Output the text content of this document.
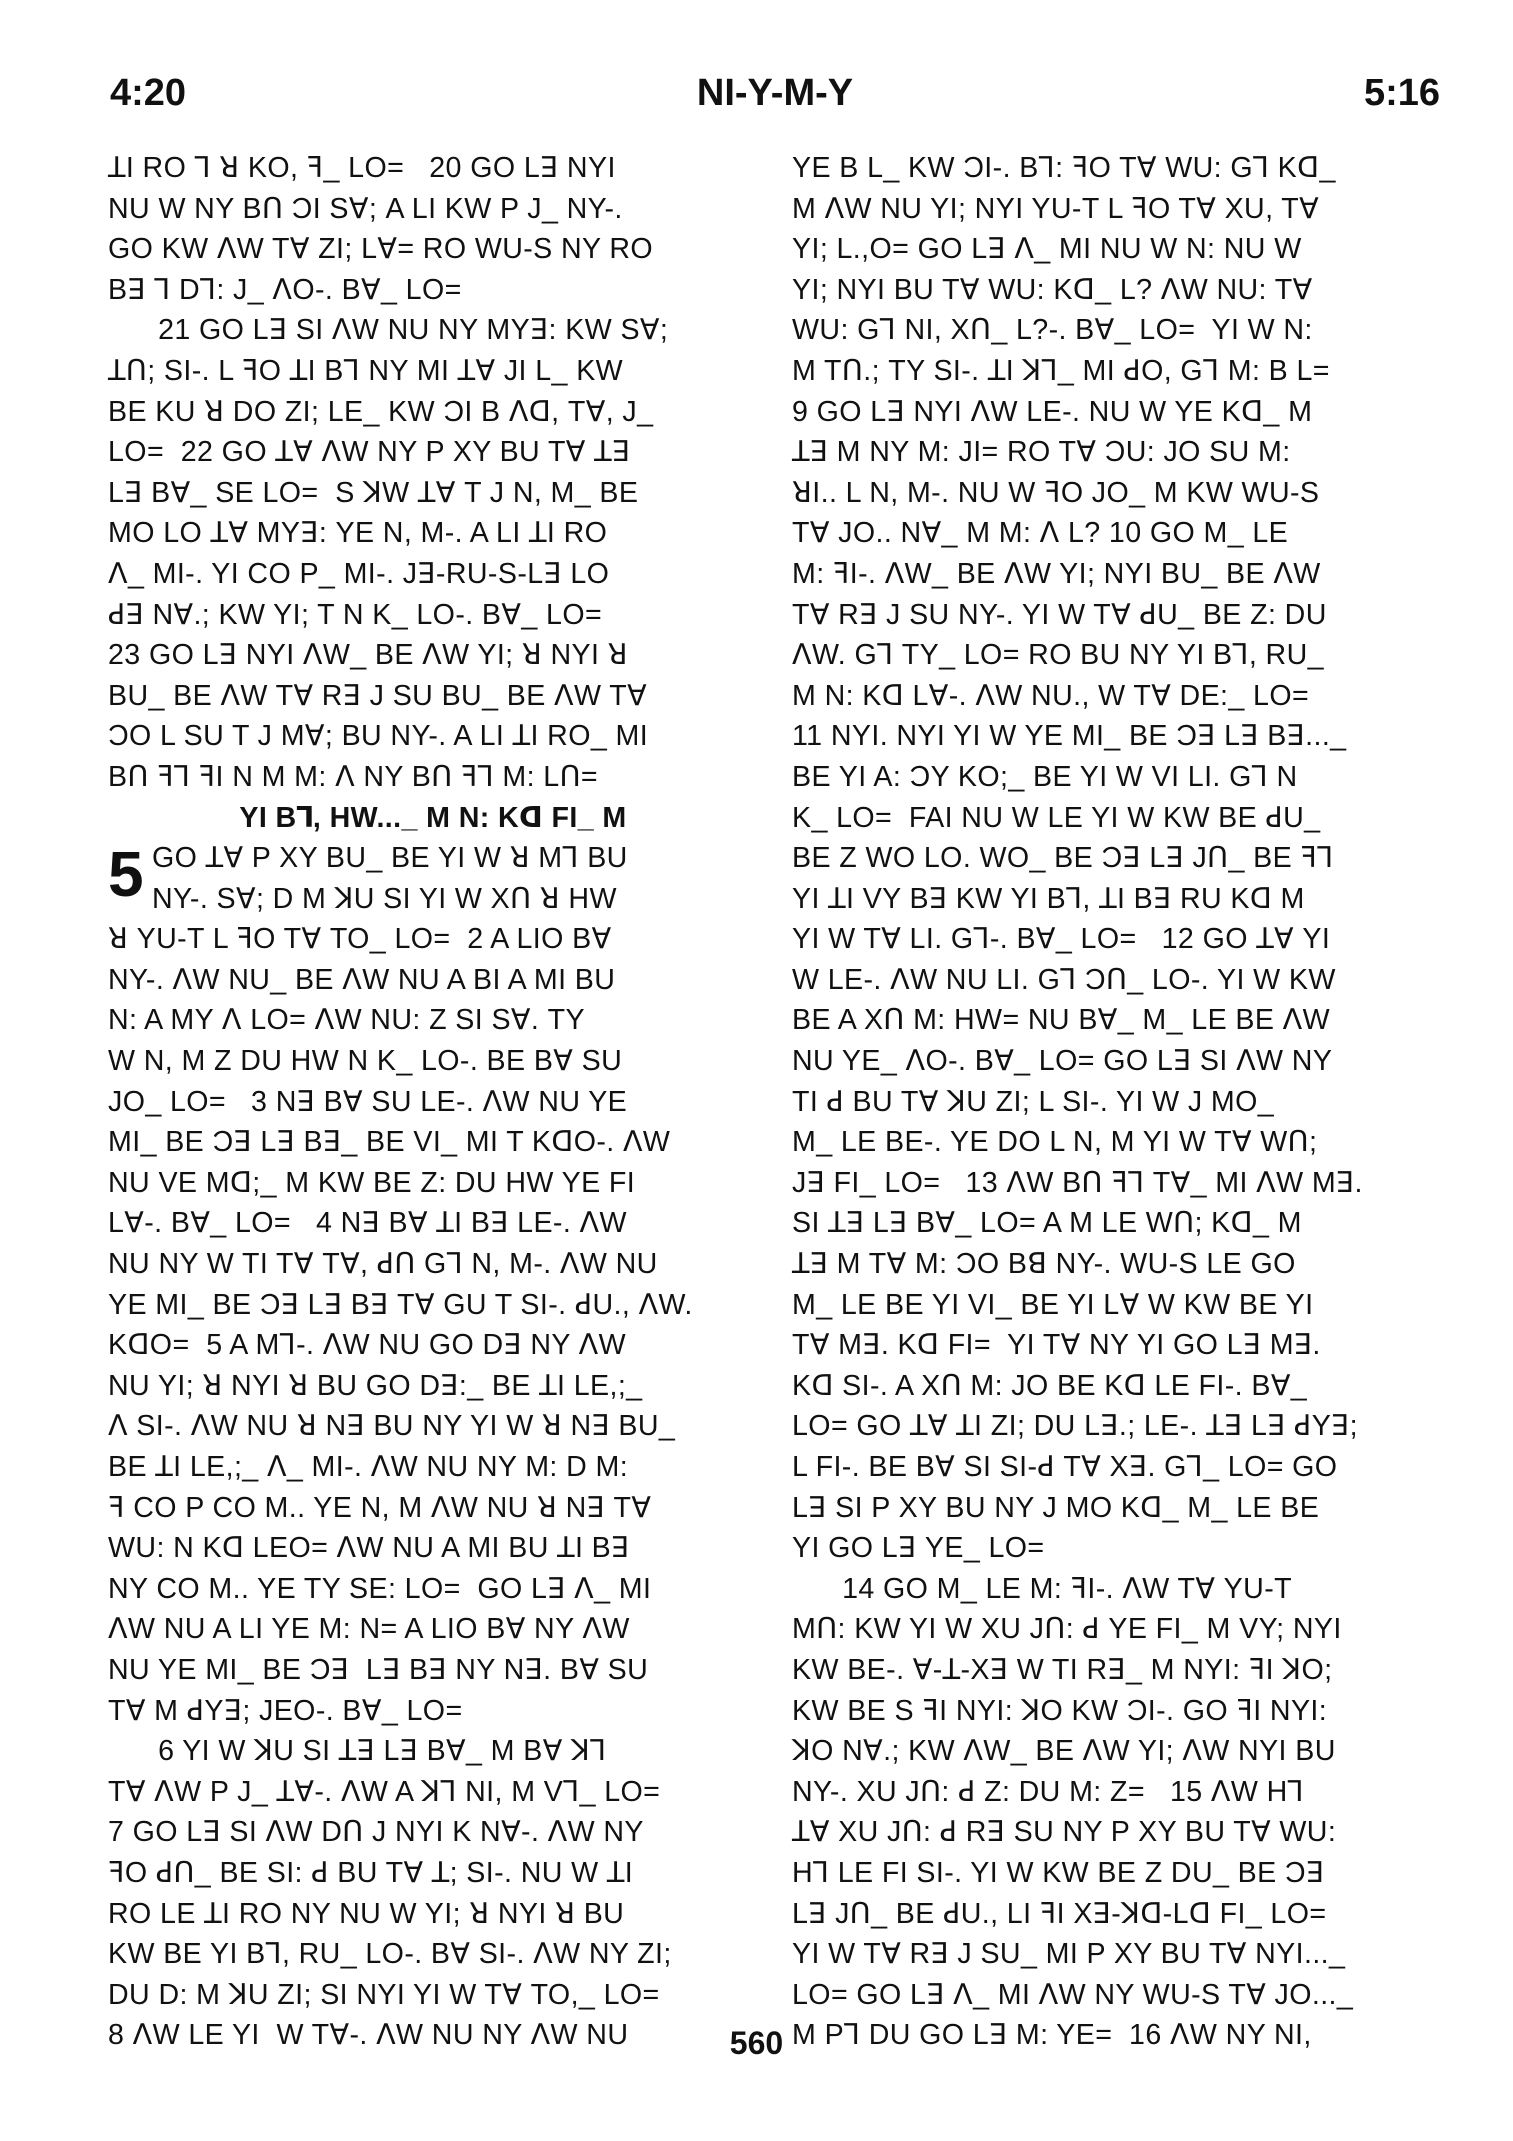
4:20	NI-Y-M-Y	5:16

ꓕI RO ꓶ ꓤ KO, ꟻ_ LO=   20 GO Lꓱ NYI

NU W NY Bꓵ ƆI Sꓯ; A LI KW P J_ NY-.

GO KW ꓥW Tꓯ ZI; Lꓯ= RO WU-S NY RO

Bꓱ ꓶ Dꓶ: J_ ꓥO-. Bꓯ_ LO=

21 GO Lꓱ SI ꓥW NU NY MYꓱ: KW Sꓯ;

ꓕꓵ; SI-. L ꟻO ꓕI Bꓶ NY MI ꓕꓯ JI L_ KW

BE KU ꓤ DO ZI; LE_ KW ƆI B ꓥꓷ, Tꓯ, J_

LO=  22 GO ꓕꓯ ꓥW NY P XY BU Tꓯ ꓕꓱ

Lꓱ Bꓯ_ SE LO=  S ꓘW ꓕꓯ T J N, M_ BE

MO LO ꓕꓯ MYꓱ: YE N, M-. A LI ꓕI RO

ꓥ_ MI-. YI CO P_ MI-. Jꓱ-RU-S-Lꓱ LO

ꓒꓱ Nꓯ.; KW YI; T N K_ LO-. Bꓯ_ LO=

23 GO Lꓱ NYI ꓥW_ BE ꓥW YI; ꓤ NYI ꓤ

BU_ BE ꓥW Tꓯ Rꓱ J SU BU_ BE ꓥW Tꓯ

ƆO L SU T J Mꓯ; BU NY-. A LI ꓕI RO_ MI

Bꓵ ꟻꓶ ꟻI N M M: ꓥ NY Bꓵ ꟻꓶ M: Lꓵ=

YI Bꓶ, HW..._ M N: Kꓷ FI_ M

5 GO ꓕꓯ P XY BU_ BE YI W ꓤ Mꓶ BU

NY-. Sꓯ; D M ꓘU SI YI W Xꓵ ꓤ HW

ꓤ YU-T L ꟻO Tꓯ TO_ LO=  2 A LIO Bꓯ

NY-. ꓥW NU_ BE ꓥW NU A BI A MI BU

N: A MY ꓥ LO= ꓥW NU: Z SI Sꓯ. TY

W N, M Z DU HW N K_ LO-. BE Bꓯ SU

JO_ LO=   3 Nꓱ Bꓯ SU LE-. ꓥW NU YE

MI_ BE Ɔꓱ Lꓱ Bꓱ_ BE VI_ MI T KꓷO-. ꓥW

NU VE Mꓷ;_ M KW BE Z: DU HW YE FI

Lꓯ-. Bꓯ_ LO=   4 Nꓱ Bꓯ ꓕI Bꓱ LE-. ꓥW

NU NY W TI Tꓯ Tꓯ, ꓒꓵ Gꓶ N, M-. ꓥW NU

YE MI_ BE Ɔꓱ Lꓱ Bꓱ Tꓯ GU T SI-. ꓒU., ꓥW.

KꓷO=  5 A Mꓶ-. ꓥW NU GO Dꓱ NY ꓥW

NU YI; ꓤ NYI ꓤ BU GO Dꓱ:_ BE ꓕI LE,;_

ꓥ SI-. ꓥW NU ꓤ Nꓱ BU NY YI W ꓤ Nꓱ BU_

BE ꓕI LE,;_ ꓥ_ MI-. ꓥW NU NY M: D M:

ꟻ CO P CO M.. YE N, M ꓥW NU ꓤ Nꓱ Tꓯ

WU: N Kꓷ LEO= ꓥW NU A MI BU ꓕI Bꓱ

NY CO M.. YE TY SE: LO=  GO Lꓱ ꓥ_ MI

ꓥW NU A LI YE M: N= A LIO Bꓯ NY ꓥW

NU YE MI_ BE Ɔꓱ  Lꓱ Bꓱ NY Nꓱ. Bꓯ SU

Tꓯ M ꓒYꓱ; JEO-. Bꓯ_ LO=

6 YI W ꓘU SI ꓕꓱ Lꓱ Bꓯ_ M Bꓯ ꓘꓶ

Tꓯ ꓥW P J_ ꓕꓯ-. ꓥW A ꓘꓶ NI, M Vꓶ_ LO=

7 GO Lꓱ SI ꓥW Dꓵ J NYI K Nꓯ-. ꓥW NY

ꟻO ꓒꓵ_ BE SI: ꓒ BU Tꓯ ꓕ; SI-. NU W ꓕI

RO LE ꓕI RO NY NU W YI; ꓤ NYI ꓤ BU

KW BE YI Bꓶ, RU_ LO-. Bꓯ SI-. ꓥW NY ZI;

DU D: M ꓘU ZI; SI NYI YI W Tꓯ TO,_ LO=

8 ꓥW LE YI  W Tꓯ-. ꓥW NU NY ꓥW NU

YE B L_ KW ƆI-. Bꓶ: ꟻO Tꓯ WU: Gꓶ Kꓷ_

M ꓥW NU YI; NYI YU-T L ꟻO Tꓯ XU, Tꓯ

YI; L.,O= GO Lꓱ ꓥ_ MI NU W N: NU W

YI; NYI BU Tꓯ WU: Kꓷ_ L? ꓥW NU: Tꓯ

WU: Gꓶ NI, Xꓵ_ L?-. Bꓯ_ LO=  YI W N:

M Tꓵ.; TY SI-. ꓕI ꓘꓶ_ MI ꓒO, Gꓶ M: B L=

9 GO Lꓱ NYI ꓥW LE-. NU W YE Kꓷ_ M

ꓕꓱ M NY M: JI= RO Tꓯ ƆU: JO SU M:

ꓤI.. L N, M-. NU W ꟻO JO_ M KW WU-S

Tꓯ JO.. Nꓯ_ M M: ꓥ L? 10 GO M_ LE

M: ꟻI-. ꓥW_ BE ꓥW YI; NYI BU_ BE ꓥW

Tꓯ Rꓱ J SU NY-. YI W Tꓯ ꓒU_ BE Z: DU

ꓥW. Gꓶ TY_ LO= RO BU NY YI Bꓶ, RU_

M N: Kꓷ Lꓯ-. ꓥW NU., W Tꓯ DE:_ LO=

11 NYI. NYI YI W YE MI_ BE Ɔꓱ Lꓱ Bꓱ..._

BE YI A: ƆY KO;_ BE YI W VI LI. Gꓶ N

K_ LO=  FAI NU W LE YI W KW BE ꓒU_

BE Z WO LO. WO_ BE Ɔꓱ Lꓱ Jꓵ_ BE ꟻꓶ

YI ꓕI VY Bꓱ KW YI Bꓶ, ꓕI Bꓱ RU Kꓷ M

YI W Tꓯ LI. Gꓶ-. Bꓯ_ LO=   12 GO ꓕꓯ YI

W LE-. ꓥW NU LI. Gꓶ Ɔꓵ_ LO-. YI W KW

BE A Xꓵ M: HW= NU Bꓯ_ M_ LE BE ꓥW

NU YE_ ꓥO-. Bꓯ_ LO= GO Lꓱ SI ꓥW NY

TI ꓒ BU Tꓯ ꓘU ZI; L SI-. YI W J MO_

M_ LE BE-. YE DO L N, M YI W Tꓯ Wꓵ;

Jꓱ FI_ LO=   13 ꓥW Bꓵ ꟻꓶ Tꓯ_ MI ꓥW Mꓱ.

SI ꓕꓱ Lꓱ Bꓯ_ LO= A M LE Wꓵ; Kꓷ_ M

ꓕꓱ M Tꓯ M: ƆO Bꓭ NY-. WU-S LE GO

M_ LE BE YI VI_ BE YI Lꓯ W KW BE YI

Tꓯ Mꓱ. Kꓷ FI=  YI Tꓯ NY YI GO Lꓱ Mꓱ.

Kꓷ SI-. A Xꓵ M: JO BE Kꓷ LE FI-. Bꓯ_

LO= GO ꓕꓯ ꓕI ZI; DU Lꓱ.; LE-. ꓕꓱ Lꓱ ꓒYꓱ;

L FI-. BE Bꓯ SI SI-ꓒ Tꓯ Xꓱ. Gꓶ_ LO= GO

Lꓱ SI P XY BU NY J MO Kꓷ_ M_ LE BE

YI GO Lꓱ YE_ LO=

14 GO M_ LE M: ꟻI-. ꓥW Tꓯ YU-T

Mꓵ: KW YI W XU Jꓵ: ꓒ YE FI_ M VY; NYI

KW BE-. ꓯ-ꓕ-Xꓱ W TI Rꓱ_ M NYI: ꟻI ꓘO;

KW BE S ꟻI NYI: ꓘO KW ƆI-. GO ꟻI NYI:

ꓘO Nꓯ.; KW ꓥW_ BE ꓥW YI; ꓥW NYI BU

NY-. XU Jꓵ: ꓒ Z: DU M: Z=   15 ꓥW Hꓶ

ꓕꓯ XU Jꓵ: ꓒ Rꓱ SU NY P XY BU Tꓯ WU:

Hꓶ LE FI SI-. YI W KW BE Z DU_ BE Ɔꓱ

Lꓱ Jꓵ_ BE ꓒU., LI ꟻI Xꓱ-ꓘꓷ-Lꓷ FI_ LO=

YI W Tꓯ Rꓱ J SU_ MI P XY BU Tꓯ NYI..._

LO= GO Lꓱ ꓥ_ MI ꓥW NY WU-S Tꓯ JO..._

M Pꓶ DU GO Lꓱ M: YE=  16 ꓥW NY NI,

560
